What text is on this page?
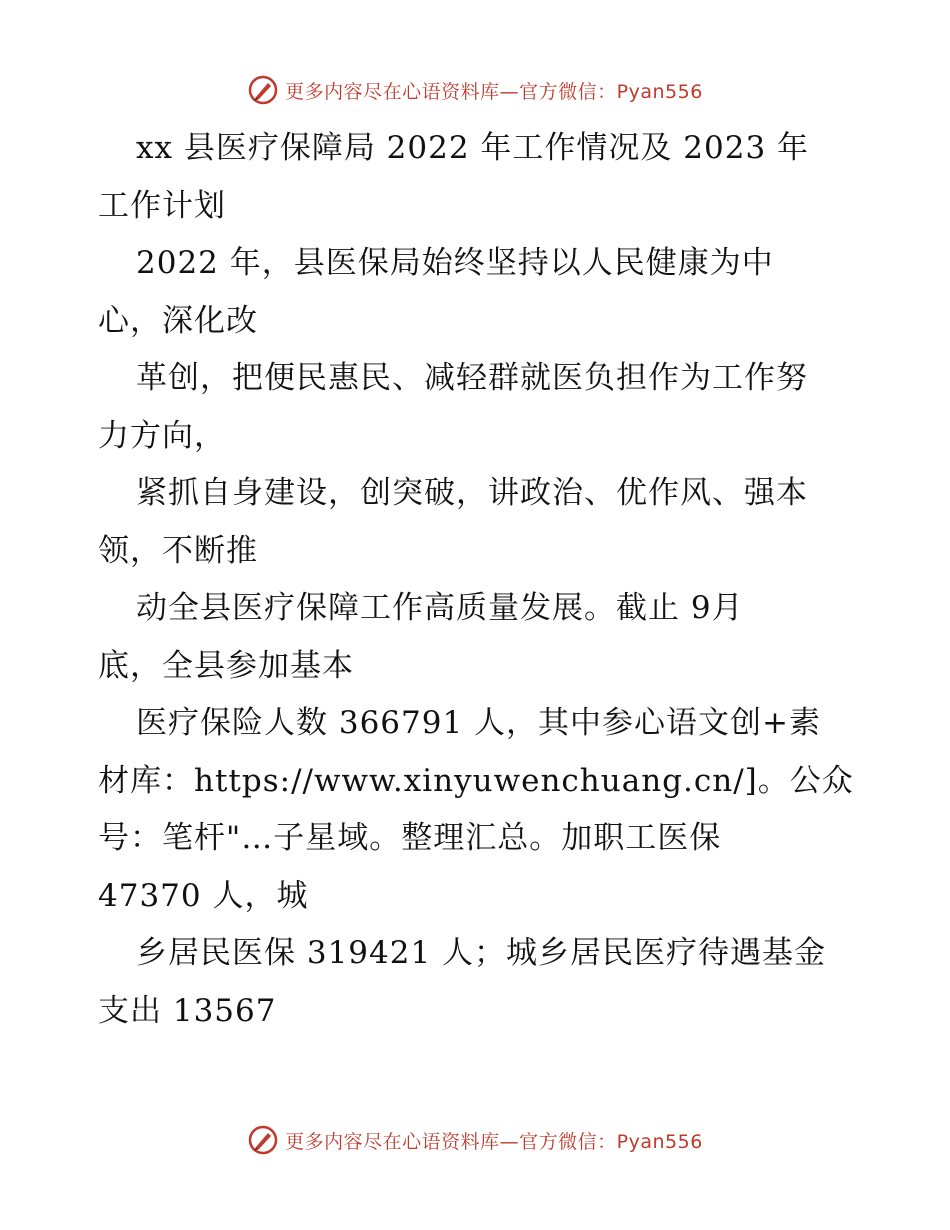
更多内容尽在心语资料库—官方微信：Pyan556
xx 县医疗保障局 2022 年工作情况及 2023 年
工作计划
2022 年，县医保局始终坚持以人民健康为中
心，深化改
革创，把便民惠民、减轻群就医负担作为工作努
力方向，
紧抓自身建设，创突破，讲政治、优作风、强本
领，不断推
动全县医疗保障工作高质量发展。截止 9月
底，全县参加基本
医疗保险人数 366791 人，其中参心语文创+素
材库：https://www.xinyuwenchuang.cn/]。公众
号：笔杆"…子星域。整理汇总。加职工医保
47370 人，城
乡居民医保 319421 人；城乡居民医疗待遇基金
支出 13567
更多内容尽在心语资料库—官方微信：Pyan556
